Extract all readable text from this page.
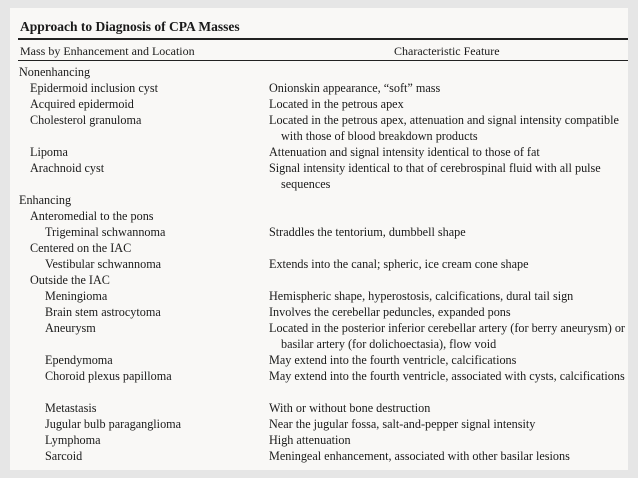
Approach to Diagnosis of CPA Masses
Mass by Enhancement and Location	Characteristic Feature
Nonenhancing
Epidermoid inclusion cyst	Onionskin appearance, “soft” mass
Acquired epidermoid	Located in the petrous apex
Cholesterol granuloma	Located in the petrous apex, attenuation and signal intensity compatible with those of blood breakdown products
Lipoma	Attenuation and signal intensity identical to those of fat
Arachnoid cyst	Signal intensity identical to that of cerebrospinal fluid with all pulse sequences
Enhancing
Anteromedial to the pons
Trigeminal schwannoma	Straddles the tentorium, dumbbell shape
Centered on the IAC
Vestibular schwannoma	Extends into the canal; spheric, ice cream cone shape
Outside the IAC
Meningioma	Hemispheric shape, hyperostosis, calcifications, dural tail sign
Brain stem astrocytoma	Involves the cerebellar peduncles, expanded pons
Aneurysm	Located in the posterior inferior cerebellar artery (for berry aneurysm) or basilar artery (for dolichoectasia), flow void
Ependymoma	May extend into the fourth ventricle, calcifications
Choroid plexus papilloma	May extend into the fourth ventricle, associated with cysts, calcifications
Metastasis	With or without bone destruction
Jugular bulb paraganglioma	Near the jugular fossa, salt-and-pepper signal intensity
Lymphoma	High attenuation
Sarcoid	Meningeal enhancement, associated with other basilar lesions
